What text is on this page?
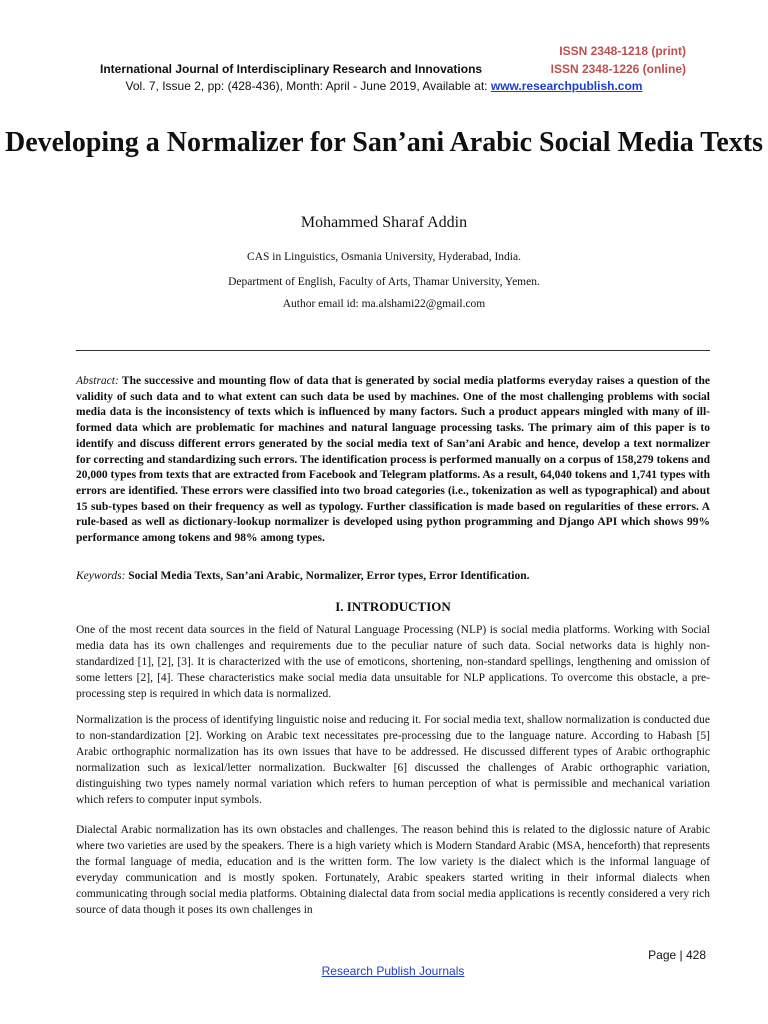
ISSN 2348-1218 (print)
International Journal of Interdisciplinary Research and Innovations	ISSN 2348-1226 (online)
Vol. 7, Issue 2, pp: (428-436), Month: April - June 2019, Available at: www.researchpublish.com
Developing a Normalizer for San’ani Arabic Social Media Texts
Mohammed Sharaf Addin
CAS in Linguistics, Osmania University, Hyderabad, India.
Department of English, Faculty of Arts, Thamar University, Yemen.
Author email id: ma.alshami22@gmail.com

Abstract: The successive and mounting flow of data that is generated by social media platforms everyday raises a question of the validity of such data and to what extent can such data be used by machines. One of the most challenging problems with social media data is the inconsistency of texts which is influenced by many factors. Such a product appears mingled with many of ill-formed data which are problematic for machines and natural language processing tasks. The primary aim of this paper is to identify and discuss different errors generated by the social media text of San’ani Arabic and hence, develop a text normalizer for correcting and standardizing such errors. The identification process is performed manually on a corpus of 158,279 tokens and 20,000 types from texts that are extracted from Facebook and Telegram platforms. As a result, 64,040 tokens and 1,741 types with errors are identified. These errors were classified into two broad categories (i.e., tokenization as well as typographical) and about 15 sub-types based on their frequency as well as typology. Further classification is made based on regularities of these errors. A rule-based as well as dictionary-lookup normalizer is developed using python programming and Django API which shows 99% performance among tokens and 98% among types.

Keywords: Social Media Texts, San’ani Arabic, Normalizer, Error types, Error Identification.

I. INTRODUCTION

One of the most recent data sources in the field of Natural Language Processing (NLP) is social media platforms. Working with Social media data has its own challenges and requirements due to the peculiar nature of such data. Social networks data is highly non-standardized [1], [2], [3]. It is characterized with the use of emoticons, shortening, non-standard spellings, lengthening and omission of some letters [2], [4]. These characteristics make social media data unsuitable for NLP applications. To overcome this obstacle, a pre-processing step is required in which data is normalized.

Normalization is the process of identifying linguistic noise and reducing it. For social media text, shallow normalization is conducted due to non-standardization [2]. Working on Arabic text necessitates pre-processing due to the language nature. According to Habash [5] Arabic orthographic normalization has its own issues that have to be addressed. He discussed different types of Arabic orthographic normalization such as lexical/letter normalization. Buckwalter [6] discussed the challenges of Arabic orthographic variation, distinguishing two types namely normal variation which refers to human perception of what is permissible and mechanical variation which refers to computer input symbols.

Dialectal Arabic normalization has its own obstacles and challenges. The reason behind this is related to the diglossic nature of Arabic where two varieties are used by the speakers. There is a high variety which is Modern Standard Arabic (MSA, henceforth) that represents the formal language of media, education and is the written form. The low variety is the dialect which is the informal language of everyday communication and is mostly spoken. Fortunately, Arabic speakers started writing in their informal dialects when communicating through social media platforms. Obtaining dialectal data from social media applications is recently considered a very rich source of data though it poses its own challenges in

Page | 428
Research Publish Journals
